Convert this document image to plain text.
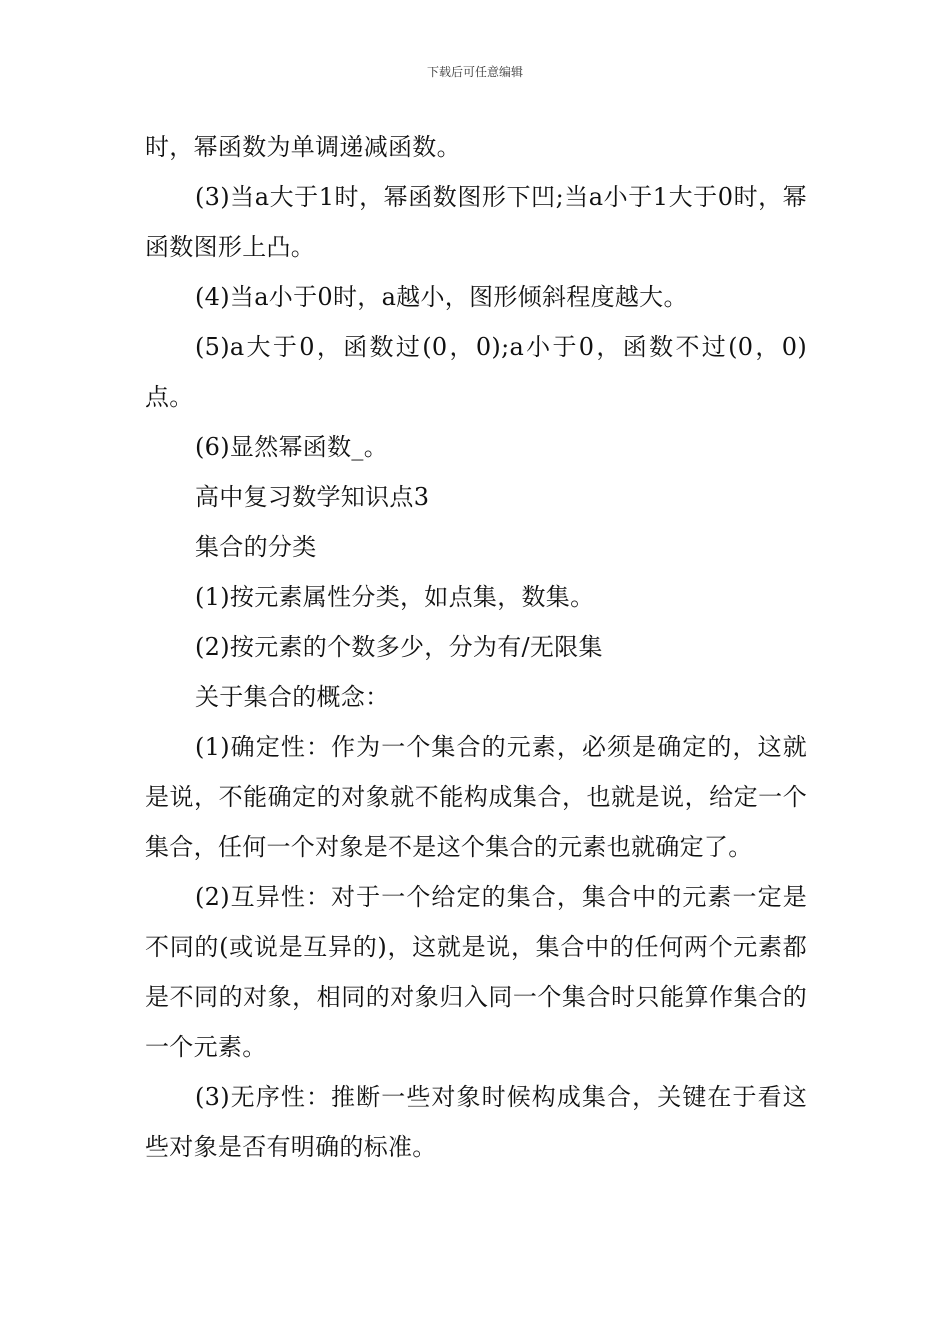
下载后可任意编辑

时，幂函数为单调递减函数。

(3)当a大于1时，幂函数图形下凹;当a小于1大于0时，幂函数图形上凸。

(4)当a小于0时，a越小，图形倾斜程度越大。

(5)a大于0，函数过(0，0);a小于0，函数不过(0，0)点。

(6)显然幂函数_。

高中复习数学知识点3

集合的分类

(1)按元素属性分类，如点集，数集。

(2)按元素的个数多少，分为有/无限集

关于集合的概念：

(1)确定性：作为一个集合的元素，必须是确定的，这就是说，不能确定的对象就不能构成集合，也就是说，给定一个集合，任何一个对象是不是这个集合的元素也就确定了。

(2)互异性：对于一个给定的集合，集合中的元素一定是不同的(或说是互异的)，这就是说，集合中的任何两个元素都是不同的对象，相同的对象归入同一个集合时只能算作集合的一个元素。

(3)无序性：推断一些对象时候构成集合，关键在于看这些对象是否有明确的标准。
